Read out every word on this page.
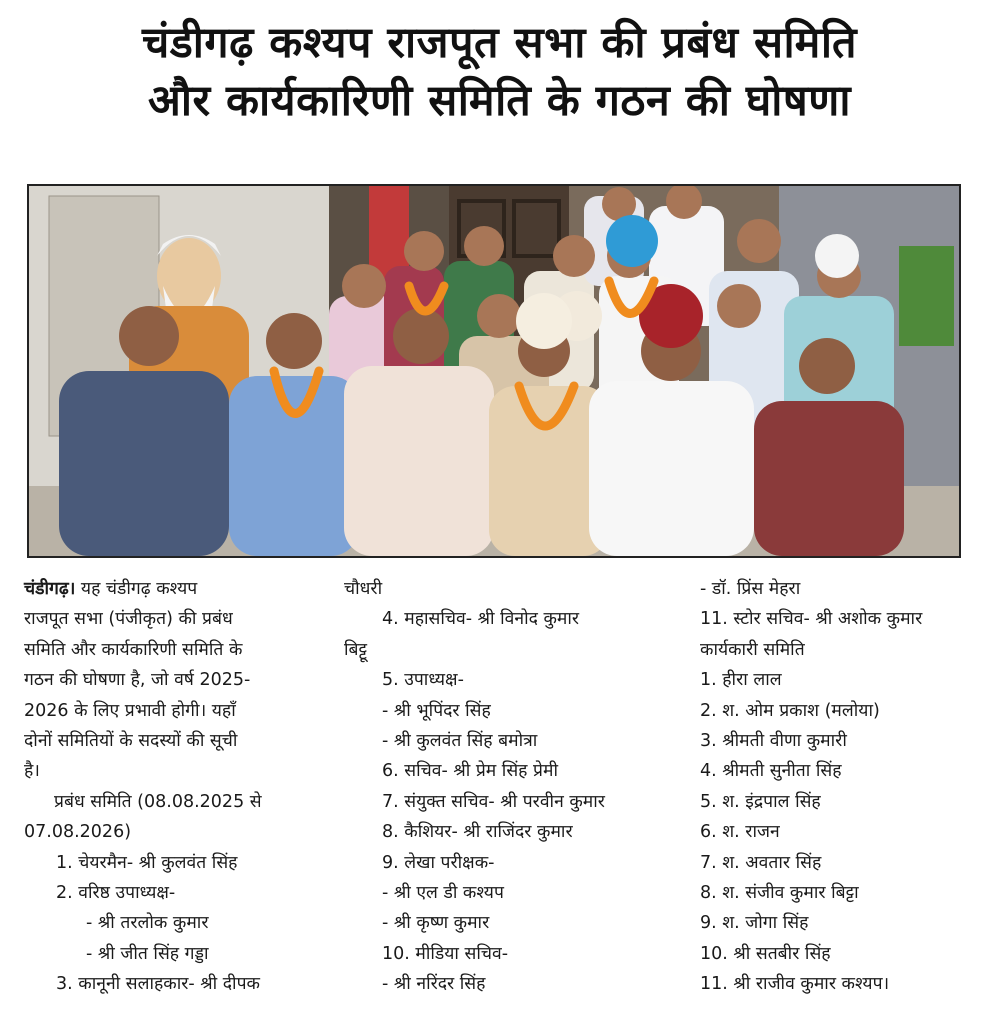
चंडीगढ़ कश्यप राजपूत सभा की प्रबंध समिति
और कार्यकारिणी समिति के गठन की घोषणा

चंडीगढ़। यह चंडीगढ़ कश्यप

राजपूत सभा (पंजीकृत) की प्रबंध

समिति और कार्यकारिणी समिति के

गठन की घोषणा है, जो वर्ष 2025-

2026 के लिए प्रभावी होगी। यहाँ

दोनों समितियों के सदस्यों की सूची

है।

प्रबंध समिति (08.08.2025 से

07.08.2026)

1. चेयरमैन- श्री कुलवंत सिंह

2. वरिष्ठ उपाध्यक्ष-

- श्री तरलोक कुमार

- श्री जीत सिंह गड्डा

3. कानूनी सलाहकार- श्री दीपक

चौधरी

4. महासचिव- श्री विनोद कुमार

बिट्टू

5. उपाध्यक्ष-

- श्री भूपिंदर सिंह

- श्री कुलवंत सिंह बमोत्रा

6. सचिव- श्री प्रेम सिंह प्रेमी

7. संयुक्त सचिव- श्री परवीन कुमार

8. कैशियर- श्री राजिंदर कुमार

9. लेखा परीक्षक-

- श्री एल डी कश्यप

- श्री कृष्ण कुमार

10. मीडिया सचिव-

- श्री नरिंदर सिंह

- डॉ. प्रिंस मेहरा

11. स्टोर सचिव- श्री अशोक कुमार

कार्यकारी समिति

1. हीरा लाल

2. श. ओम प्रकाश (मलोया)

3. श्रीमती वीणा कुमारी

4. श्रीमती सुनीता सिंह

5. श. इंद्रपाल सिंह

6. श. राजन

7. श. अवतार सिंह

8. श. संजीव कुमार बिट्टा

9. श. जोगा सिंह

10. श्री सतबीर सिंह

11. श्री राजीव कुमार कश्यप।
